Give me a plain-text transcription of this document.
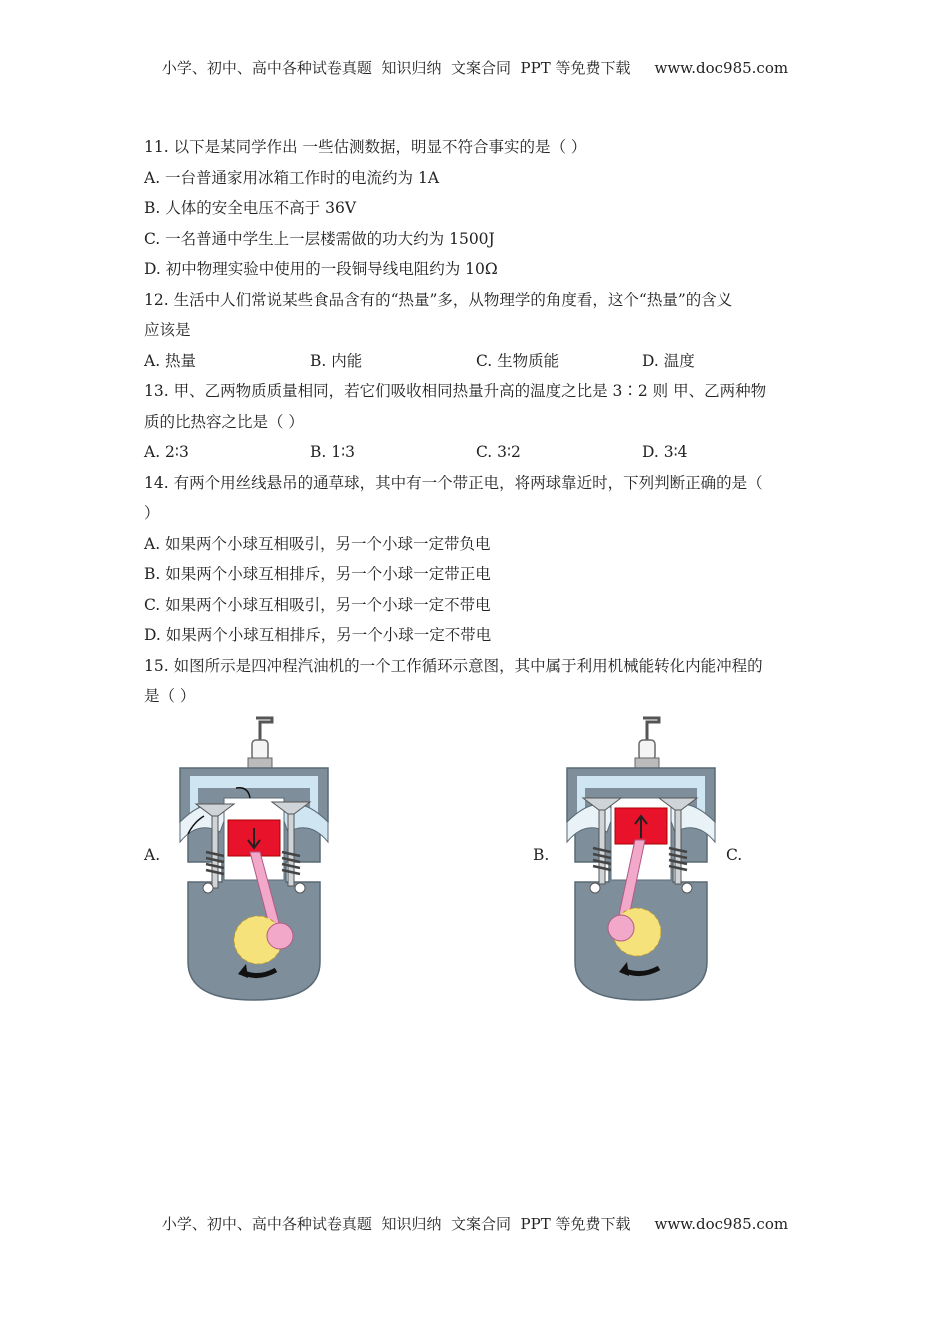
小学、初中、高中各种试卷真题  知识归纳  文案合同  PPT 等免费下载 www.doc985.com
11. 以下是某同学作出 一些估测数据，明显不符合事实的是（ ）
A. 一台普通家用冰箱工作时的电流约为 1A
B. 人体的安全电压不高于 36V
C. 一名普通中学生上一层楼需做的功大约为 1500J
D. 初中物理实验中使用的一段铜导线电阻约为 10Ω
12. 生活中人们常说某些食品含有的“热量”多，从物理学的角度看，这个“热量”的含义
应该是
A. 热量	B. 内能	C. 生物质能	D. 温度
13. 甲、乙两物质质量相同，若它们吸收相同热量升高的温度之比是 3∶2 则 甲、乙两种物
质的比热容之比是（ ）
A. 2∶3	B. 1∶3	C. 3∶2	D. 3∶4
14. 有两个用丝线悬吊的通草球，其中有一个带正电，将两球靠近时，下列判断正确的是（
）
A. 如果两个小球互相吸引，另一个小球一定带负电
B. 如果两个小球互相排斥，另一个小球一定带正电
C. 如果两个小球互相吸引，另一个小球一定不带电
D. 如果两个小球互相排斥，另一个小球一定不带电
15. 如图所示是四冲程汽油机的一个工作循环示意图，其中属于利用机械能转化内能冲程的
是（ ）
A.	B.	C.
小学、初中、高中各种试卷真题  知识归纳  文案合同  PPT 等免费下载 www.doc985.com
